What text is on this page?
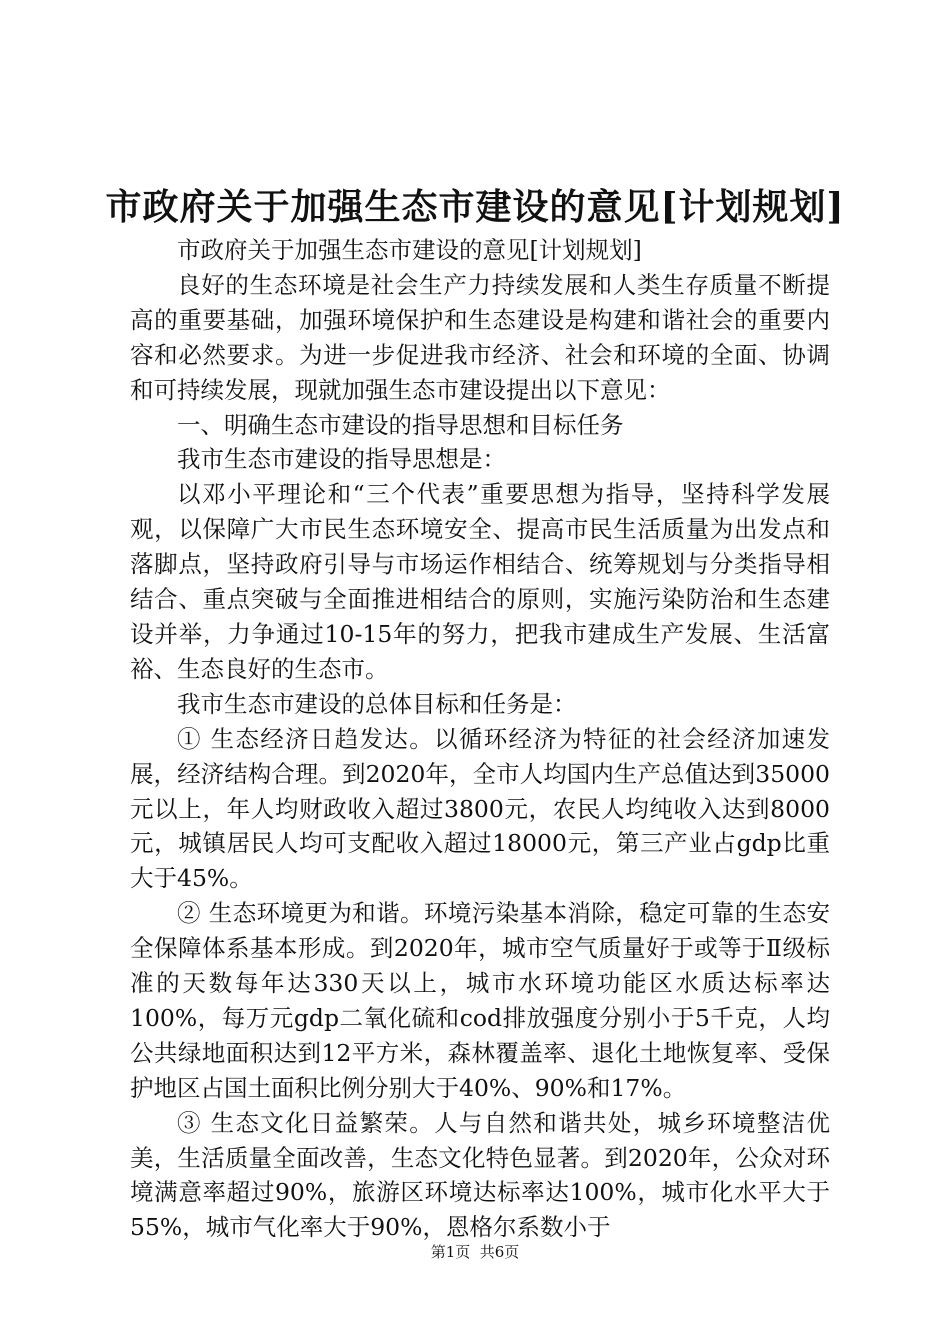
市政府关于加强生态市建设的意见[计划规划]

市政府关于加强生态市建设的意见[计划规划]

良好的生态环境是社会生产力持续发展和人类生存质量不断提高的重要基础，加强环境保护和生态建设是构建和谐社会的重要内容和必然要求。为进一步促进我市经济、社会和环境的全面、协调和可持续发展，现就加强生态市建设提出以下意见：

一、明确生态市建设的指导思想和目标任务

我市生态市建设的指导思想是：

以邓小平理论和“三个代表”重要思想为指导，坚持科学发展观，以保障广大市民生态环境安全、提高市民生活质量为出发点和落脚点，坚持政府引导与市场运作相结合、统筹规划与分类指导相结合、重点突破与全面推进相结合的原则，实施污染防治和生态建设并举，力争通过10-15年的努力，把我市建成生产发展、生活富裕、生态良好的生态市。

我市生态市建设的总体目标和任务是：

① 生态经济日趋发达。以循环经济为特征的社会经济加速发展，经济结构合理。到2020年，全市人均国内生产总值达到35000元以上，年人均财政收入超过3800元，农民人均纯收入达到8000元，城镇居民人均可支配收入超过18000元，第三产业占gdp比重大于45%。

② 生态环境更为和谐。环境污染基本消除，稳定可靠的生态安全保障体系基本形成。到2020年，城市空气质量好于或等于Ⅱ级标准的天数每年达330天以上，城市水环境功能区水质达标率达100%，每万元gdp二氧化硫和cod排放强度分别小于5千克，人均公共绿地面积达到12平方米，森林覆盖率、退化土地恢复率、受保护地区占国土面积比例分别大于40%、90%和17%。

③ 生态文化日益繁荣。人与自然和谐共处，城乡环境整洁优美，生活质量全面改善，生态文化特色显著。到2020年，公众对环境满意率超过90%，旅游区环境达标率达100%，城市化水平大于55%，城市气化率大于90%，恩格尔系数小于

第1页  共6页
